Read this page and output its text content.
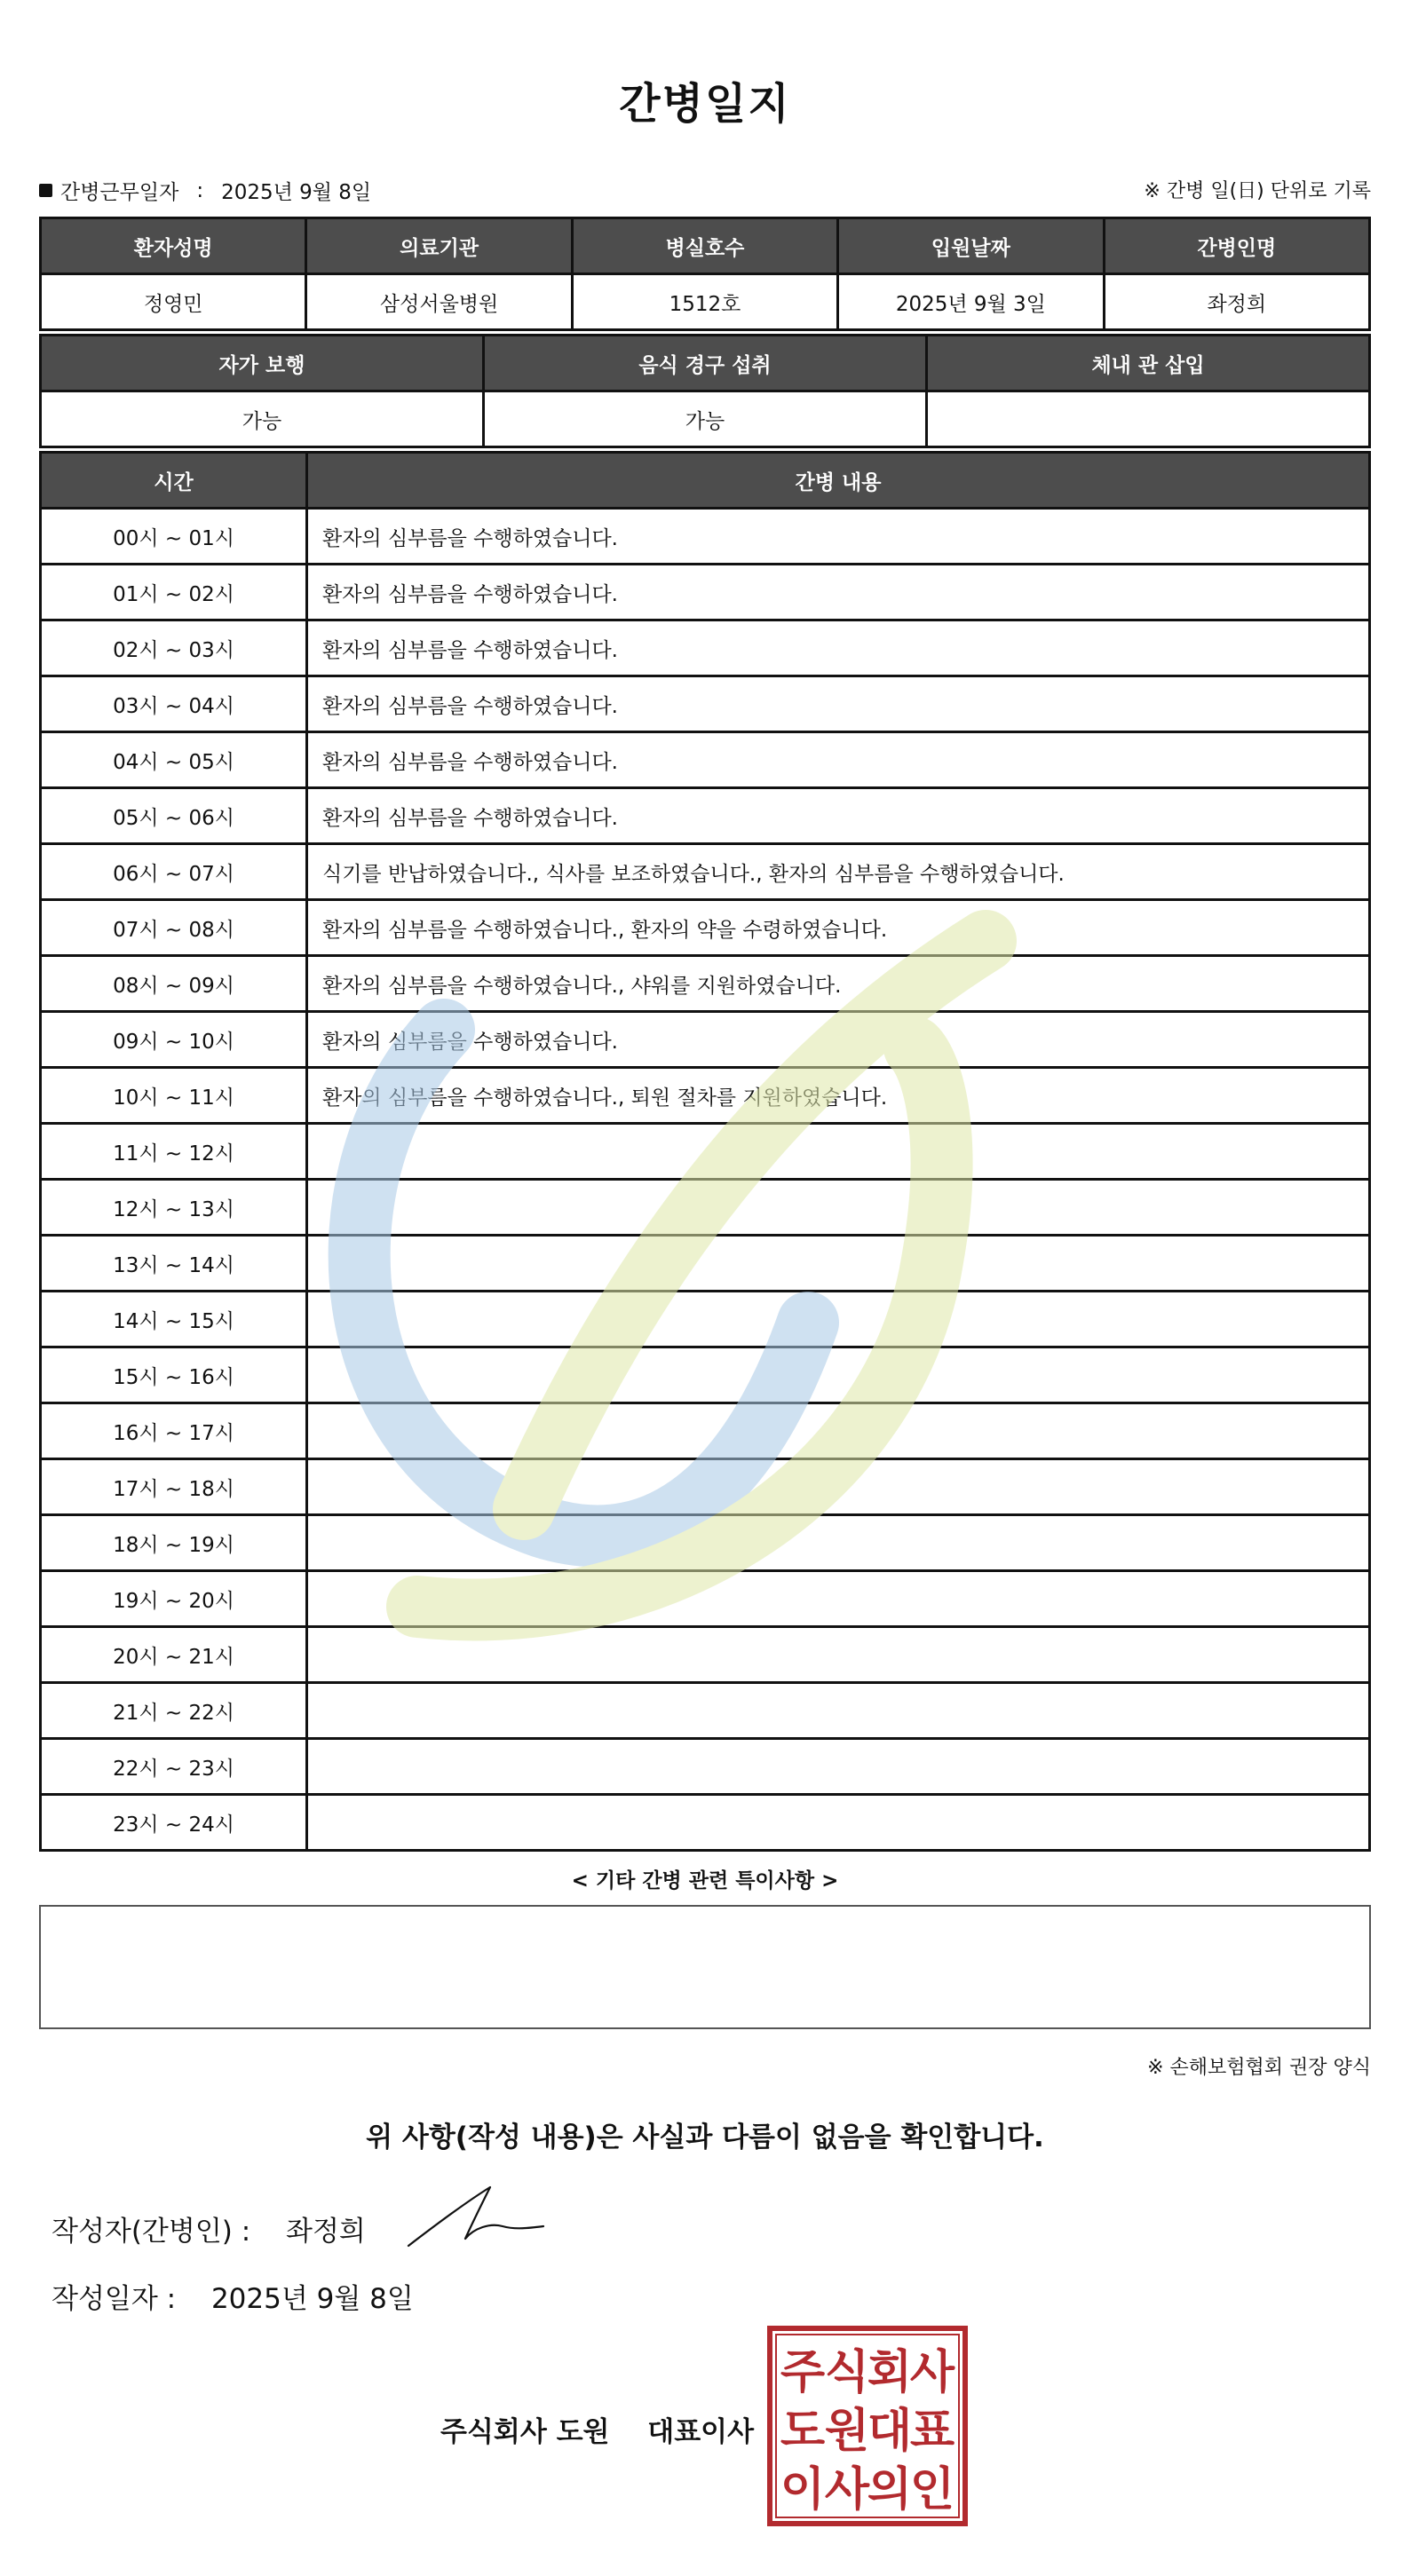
간병일지
간병근무일자 : 2025년 9월 8일	※ 간병 일(日) 단위로 기록
환자성명	의료기관	병실호수	입원날짜	간병인명
정영민	삼성서울병원	1512호	2025년 9월 3일	좌정희
자가 보행	음식 경구 섭취	체내 관 삽입
가능	가능	
시간	간병 내용
00시 ~ 01시	환자의 심부름을 수행하였습니다.
01시 ~ 02시	환자의 심부름을 수행하였습니다.
02시 ~ 03시	환자의 심부름을 수행하였습니다.
03시 ~ 04시	환자의 심부름을 수행하였습니다.
04시 ~ 05시	환자의 심부름을 수행하였습니다.
05시 ~ 06시	환자의 심부름을 수행하였습니다.
06시 ~ 07시	식기를 반납하였습니다., 식사를 보조하였습니다., 환자의 심부름을 수행하였습니다.
07시 ~ 08시	환자의 심부름을 수행하였습니다., 환자의 약을 수령하였습니다.
08시 ~ 09시	환자의 심부름을 수행하였습니다., 샤워를 지원하였습니다.
09시 ~ 10시	환자의 심부름을 수행하였습니다.
10시 ~ 11시	환자의 심부름을 수행하였습니다., 퇴원 절차를 지원하였습니다.
11시 ~ 12시	
12시 ~ 13시	
13시 ~ 14시	
14시 ~ 15시	
15시 ~ 16시	
16시 ~ 17시	
17시 ~ 18시	
18시 ~ 19시	
19시 ~ 20시	
20시 ~ 21시	
21시 ~ 22시	
22시 ~ 23시	
23시 ~ 24시	
< 기타 간병 관련 특이사항 >
※ 손해보험협회 권장 양식
위 사항(작성 내용)은 사실과 다름이 없음을 확인합니다.
작성자(간병인) : 좌정희
작성일자 : 2025년 9월 8일
주식회사 도원 대표이사
주 식
회
사
도 원
대
표
이 사
의
인
